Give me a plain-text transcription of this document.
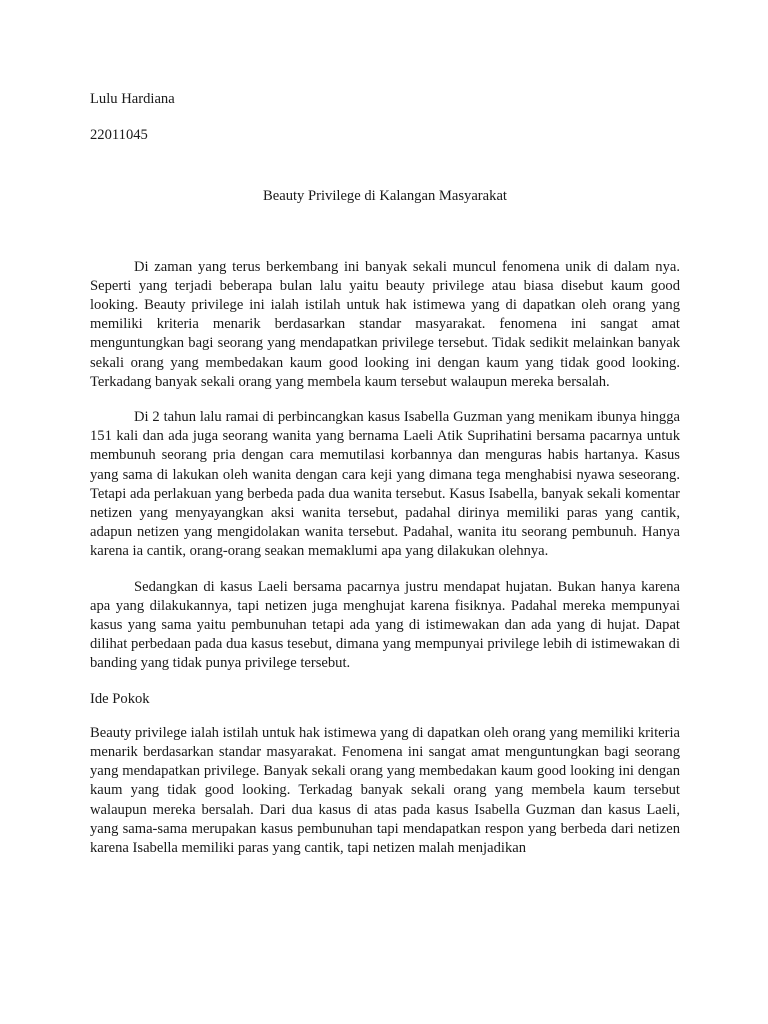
Lulu Hardiana

22011045

Beauty Privilege di Kalangan Masyarakat

Di zaman yang terus berkembang ini banyak sekali muncul fenomena unik di dalam nya. Seperti yang terjadi beberapa bulan lalu yaitu beauty privilege atau biasa disebut kaum good looking. Beauty privilege ini ialah istilah untuk hak istimewa yang di dapatkan oleh orang yang memiliki kriteria menarik berdasarkan standar masyarakat. fenomena ini sangat amat menguntungkan bagi seorang yang mendapatkan privilege tersebut. Tidak sedikit melainkan banyak sekali orang yang membedakan kaum good looking ini dengan kaum yang tidak good looking. Terkadang banyak sekali orang yang membela kaum tersebut walaupun mereka bersalah.

Di 2 tahun lalu ramai di perbincangkan kasus Isabella Guzman yang menikam ibunya hingga 151 kali dan ada juga seorang wanita yang bernama Laeli Atik Suprihatini bersama pacarnya untuk membunuh seorang pria dengan cara memutilasi korbannya dan menguras habis hartanya. Kasus yang sama di lakukan oleh wanita dengan cara keji yang dimana tega menghabisi nyawa seseorang. Tetapi ada perlakuan yang berbeda pada dua wanita tersebut. Kasus Isabella, banyak sekali komentar netizen yang menyayangkan aksi wanita tersebut, padahal dirinya memiliki paras yang cantik, adapun netizen yang mengidolakan wanita tersebut. Padahal, wanita itu seorang pembunuh. Hanya karena ia cantik, orang-orang seakan memaklumi apa yang dilakukan olehnya.

Sedangkan di kasus Laeli bersama pacarnya justru mendapat hujatan. Bukan hanya karena apa yang dilakukannya, tapi netizen juga menghujat karena fisiknya. Padahal mereka mempunyai kasus yang sama yaitu pembunuhan tetapi ada yang di istimewakan dan ada yang di hujat. Dapat dilihat perbedaan pada dua kasus tesebut, dimana yang mempunyai privilege lebih di istimewakan di banding yang tidak punya privilege tersebut.

Ide Pokok

Beauty privilege ialah istilah untuk hak istimewa yang di dapatkan oleh orang yang memiliki kriteria menarik berdasarkan standar masyarakat. Fenomena ini sangat amat menguntungkan bagi seorang yang mendapatkan privilege. Banyak sekali orang yang membedakan kaum good looking ini dengan kaum yang tidak good looking. Terkadag banyak sekali orang yang membela kaum tersebut walaupun mereka bersalah. Dari dua kasus di atas pada kasus Isabella Guzman dan kasus Laeli, yang sama-sama merupakan kasus pembunuhan tapi mendapatkan respon yang berbeda dari netizen karena Isabella memiliki paras yang cantik, tapi netizen malah menjadikan
